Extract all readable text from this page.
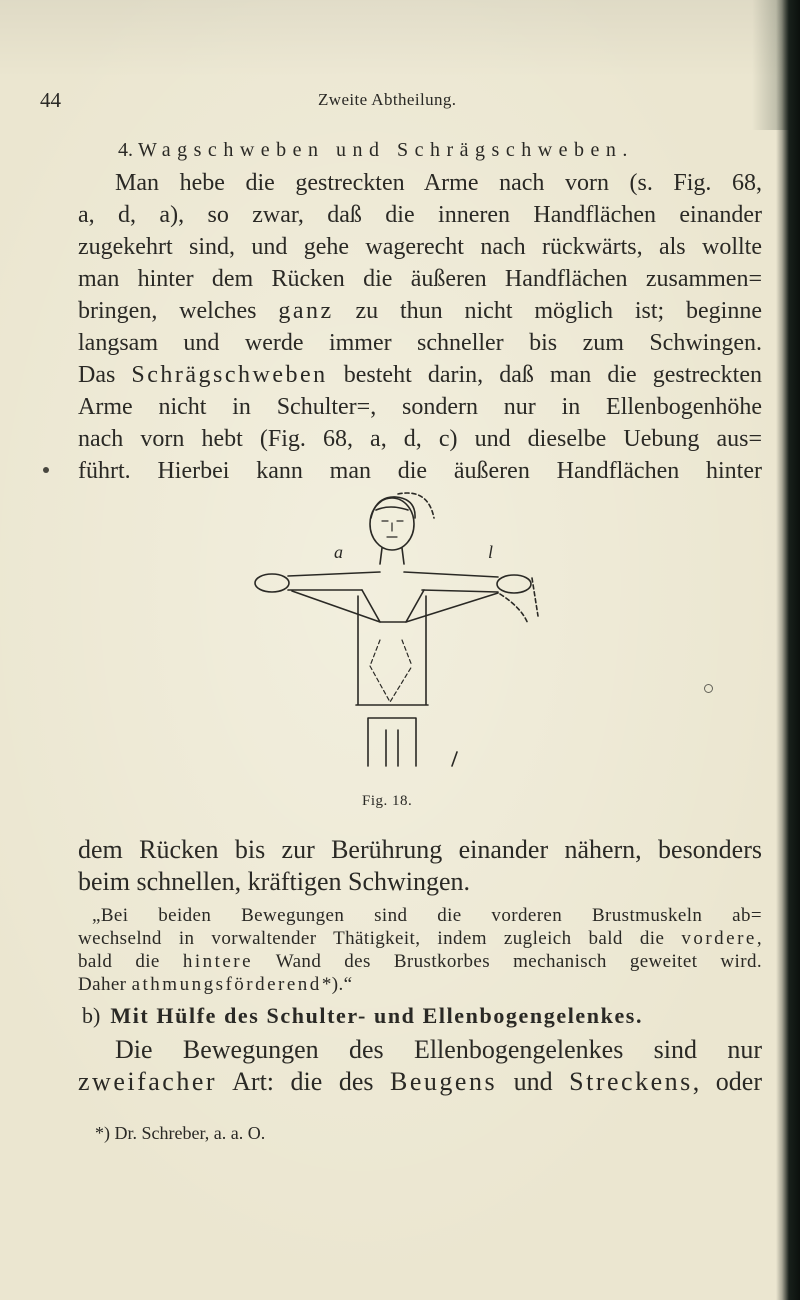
44	Zweite Abtheilung.
4. Wagschweben und Schrägschweben.
Man hebe die gestreckten Arme nach vorn (s. Fig. 68,
a, d, a), so zwar, daß die inneren Handflächen einander
zugekehrt sind, und gehe wagerecht nach rückwärts, als wollte
man hinter dem Rücken die äußeren Handflächen zusammen=
bringen, welches ganz zu thun nicht möglich ist; beginne
langsam und werde immer schneller bis zum Schwingen.
Das Schrägschweben besteht darin, daß man die gestreckten
Arme nicht in Schulter=, sondern nur in Ellenbogenhöhe
nach vorn hebt (Fig. 68, a, d, c) und dieselbe Uebung aus=
führt. Hierbei kann man die äußeren Handflächen hinter
a	l
Fig. 18.
dem Rücken bis zur Berührung einander nähern, besonders
beim schnellen, kräftigen Schwingen.
„Bei beiden Bewegungen sind die vorderen Brustmuskeln ab=
wechselnd in vorwaltender Thätigkeit, indem zugleich bald die vordere,
bald die hintere Wand des Brustkorbes mechanisch geweitet wird.
Daher athmungsförderend*).“
b) Mit Hülfe des Schulter- und Ellenbogengelenkes.
Die Bewegungen des Ellenbogengelenkes sind nur
zweifacher Art: die des Beugens und Streckens, oder
*) Dr. Schreber, a. a. O.
